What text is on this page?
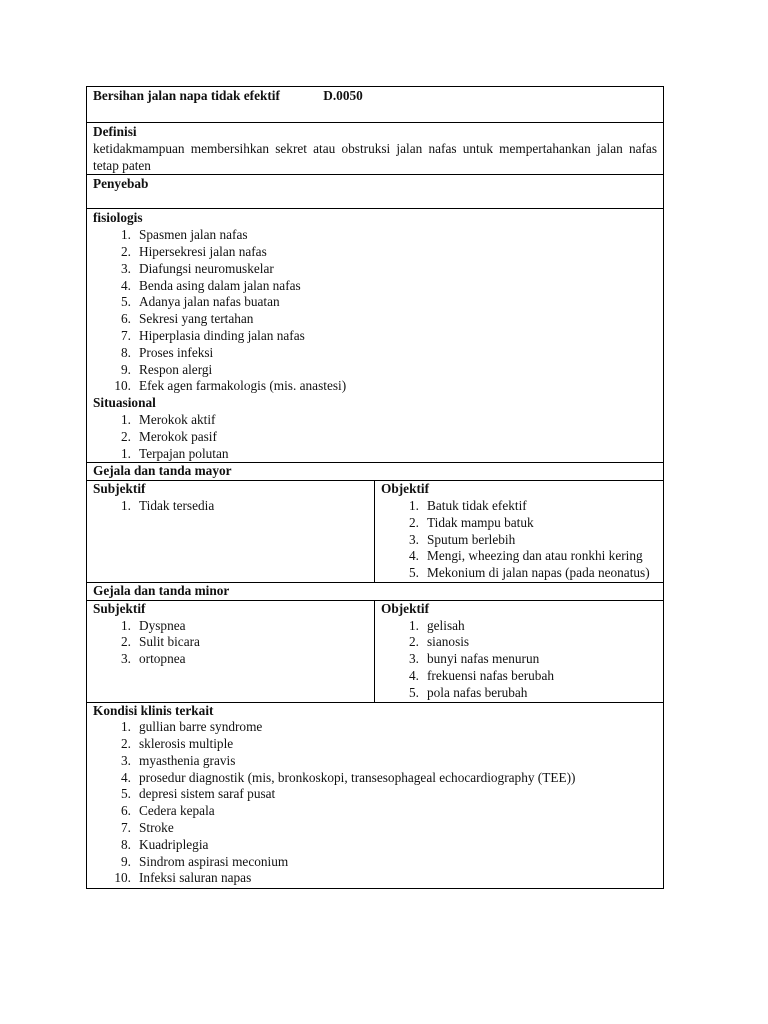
Bersihan jalan napa tidak efektif	D.0050
Definisi
ketidakmampuan membersihkan sekret atau obstruksi jalan nafas untuk mempertahankan jalan nafas tetap paten
Penyebab
fisiologis
1. Spasmen jalan nafas
2. Hipersekresi jalan nafas
3. Diafungsi neuromuskelar
4. Benda asing dalam jalan nafas
5. Adanya jalan nafas buatan
6. Sekresi yang tertahan
7. Hiperplasia dinding jalan nafas
8. Proses infeksi
9. Respon alergi
10. Efek agen farmakologis (mis. anastesi)
Situasional
1. Merokok aktif
2. Merokok pasif
1. Terpajan polutan
Gejala dan tanda mayor
Subjektif
1. Tidak tersedia
Objektif
1. Batuk tidak efektif
2. Tidak mampu batuk
3. Sputum berlebih
4. Mengi, wheezing dan atau ronkhi kering
5. Mekonium di jalan napas (pada neonatus)
Gejala dan tanda minor
Subjektif
1. Dyspnea
2. Sulit bicara
3. ortopnea
Objektif
1. gelisah
2. sianosis
3. bunyi nafas menurun
4. frekuensi nafas berubah
5. pola nafas berubah
Kondisi klinis terkait
1. gullian barre syndrome
2. sklerosis multiple
3. myasthenia gravis
4. prosedur diagnostik (mis, bronkoskopi, transesophageal echocardiography (TEE))
5. depresi sistem saraf pusat
6. Cedera kepala
7. Stroke
8. Kuadriplegia
9. Sindrom aspirasi meconium
10. Infeksi saluran napas
